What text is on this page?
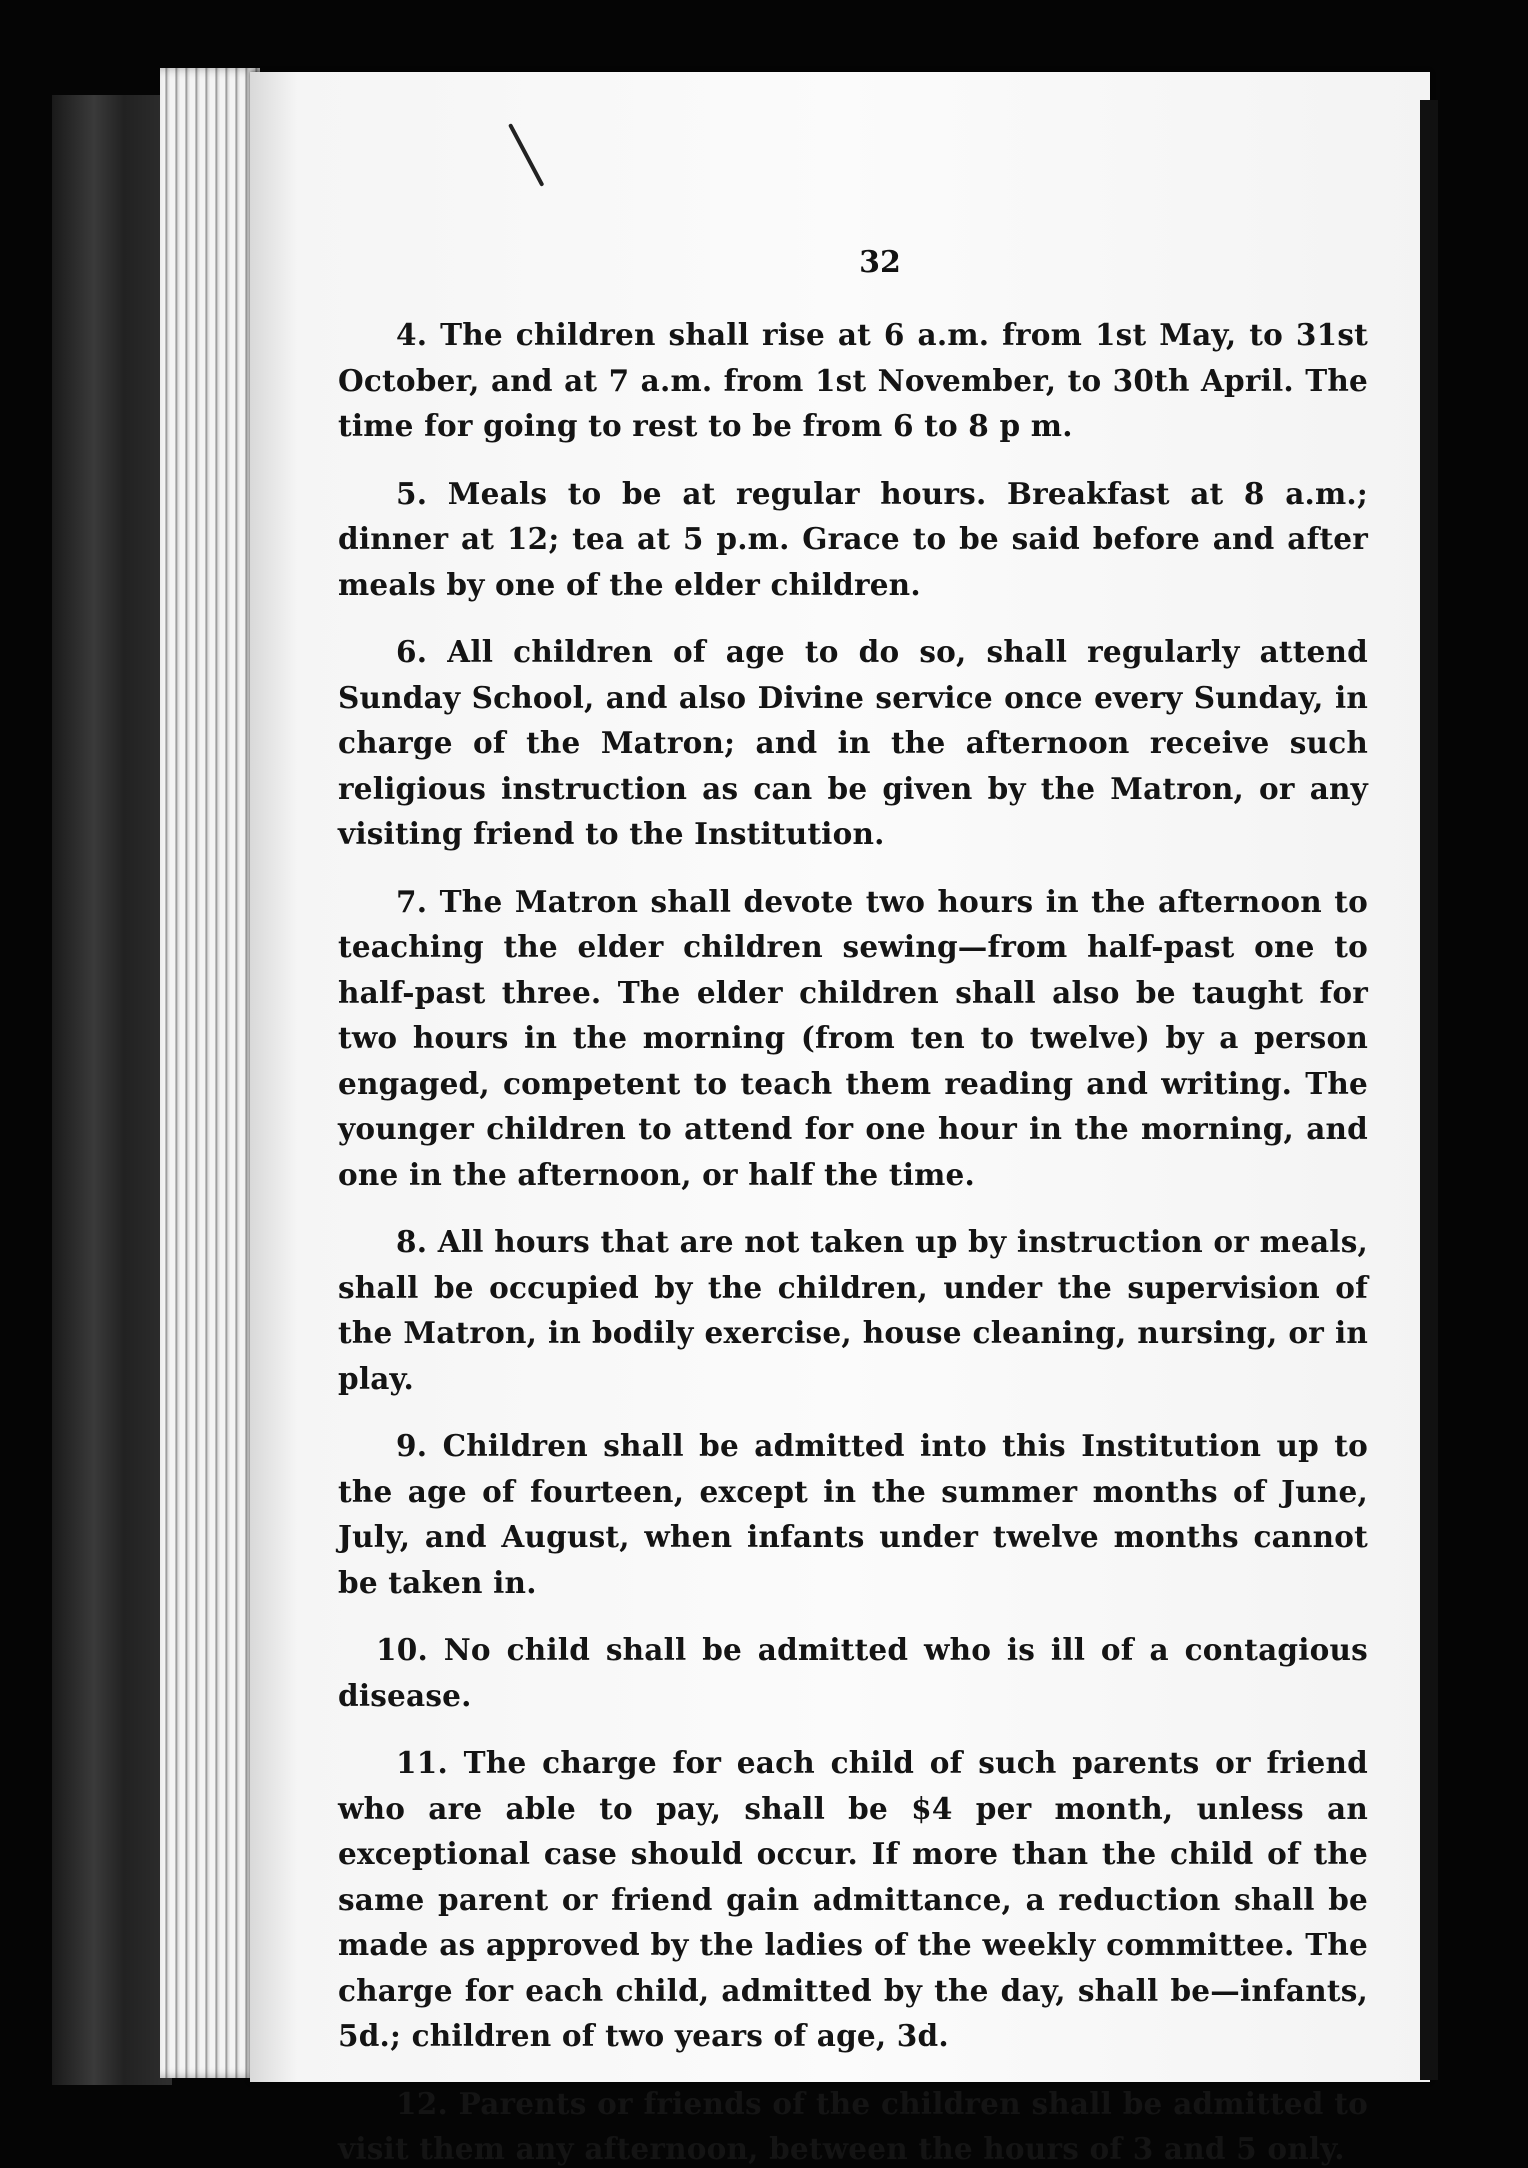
32

4. The children shall rise at 6 a.m. from 1st May, to 31st October, and at 7 a.m. from 1st November, to 30th April. The time for going to rest to be from 6 to 8 p m.

5. Meals to be at regular hours. Breakfast at 8 a.m.; dinner at 12; tea at 5 p.m. Grace to be said before and after meals by one of the elder children.

6. All children of age to do so, shall regularly attend Sunday School, and also Divine service once every Sunday, in charge of the Matron; and in the afternoon receive such religious instruction as can be given by the Matron, or any visiting friend to the Institution.

7. The Matron shall devote two hours in the afternoon to teaching the elder children sewing—from half-past one to half-past three. The elder children shall also be taught for two hours in the morning (from ten to twelve) by a person engaged, competent to teach them reading and writing. The younger children to attend for one hour in the morning, and one in the afternoon, or half the time.

8. All hours that are not taken up by instruction or meals, shall be occupied by the children, under the supervision of the Matron, in bodily exercise, house cleaning, nursing, or in play.

9. Children shall be admitted into this Institution up to the age of fourteen, except in the summer months of June, July, and August, when infants under twelve months cannot be taken in.

10. No child shall be admitted who is ill of a contagious disease.

11. The charge for each child of such parents or friend who are able to pay, shall be $4 per month, unless an exceptional case should occur. If more than the child of the same parent or friend gain admittance, a reduction shall be made as approved by the ladies of the weekly committee. The charge for each child, admitted by the day, shall be—infants, 5d.; children of two years of age, 3d.

12. Parents or friends of the children shall be admitted to visit them any afternoon, between the hours of 3 and 5 only.
